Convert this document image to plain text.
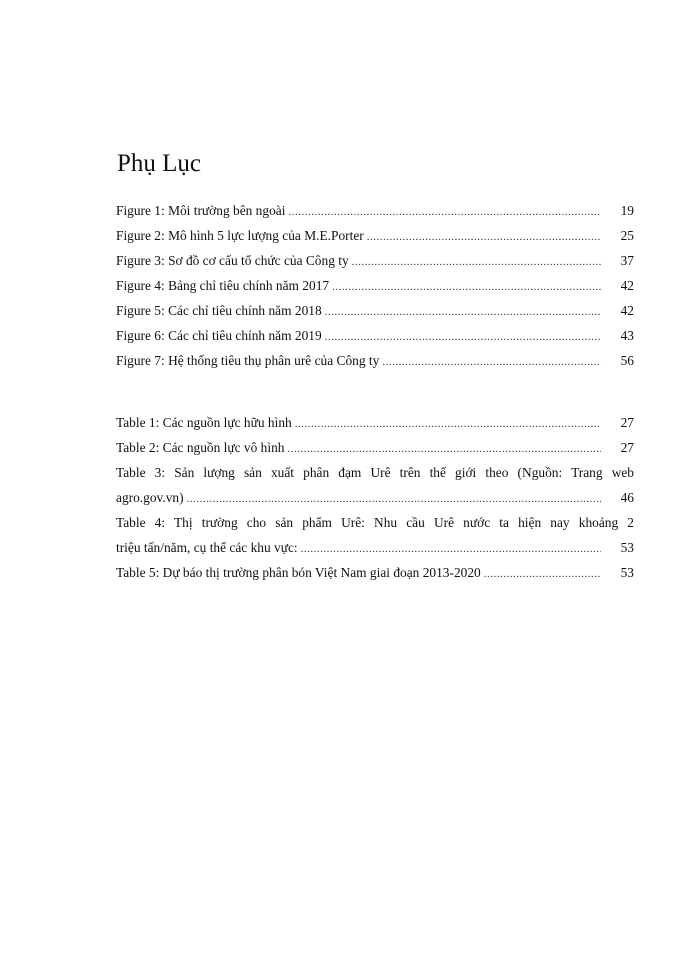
Phụ Lục
Figure 1: Môi trường bên ngoài .....	19
Figure 2: Mô hình 5 lực lượng của M.E.Porter .....	25
Figure 3: Sơ đồ cơ cấu tổ chức của Công ty .....	37
Figure 4: Bảng chỉ tiêu chính năm 2017 .....	42
Figure 5: Các chỉ tiêu chính năm 2018 .....	42
Figure 6: Các chỉ tiêu chính năm 2019 .....	43
Figure 7: Hệ thống tiêu thụ phân urê của Công ty .....	56
Table 1: Các nguồn lực hữu hình .....	27
Table 2: Các nguồn lực vô hình .....	27
Table 3: Sản lượng sản xuất phân đạm Urê trên thế giới theo (Nguồn: Trang web
agro.gov.vn) .....	46
Table 4: Thị trường cho sản phẩm Urê: Nhu cầu Urê nước ta hiện nay khoảng 2
triệu tấn/năm, cụ thể các khu vực: .....	53
Table 5: Dự báo thị trường phân bón Việt Nam giai đoạn 2013-2020 .....	53
